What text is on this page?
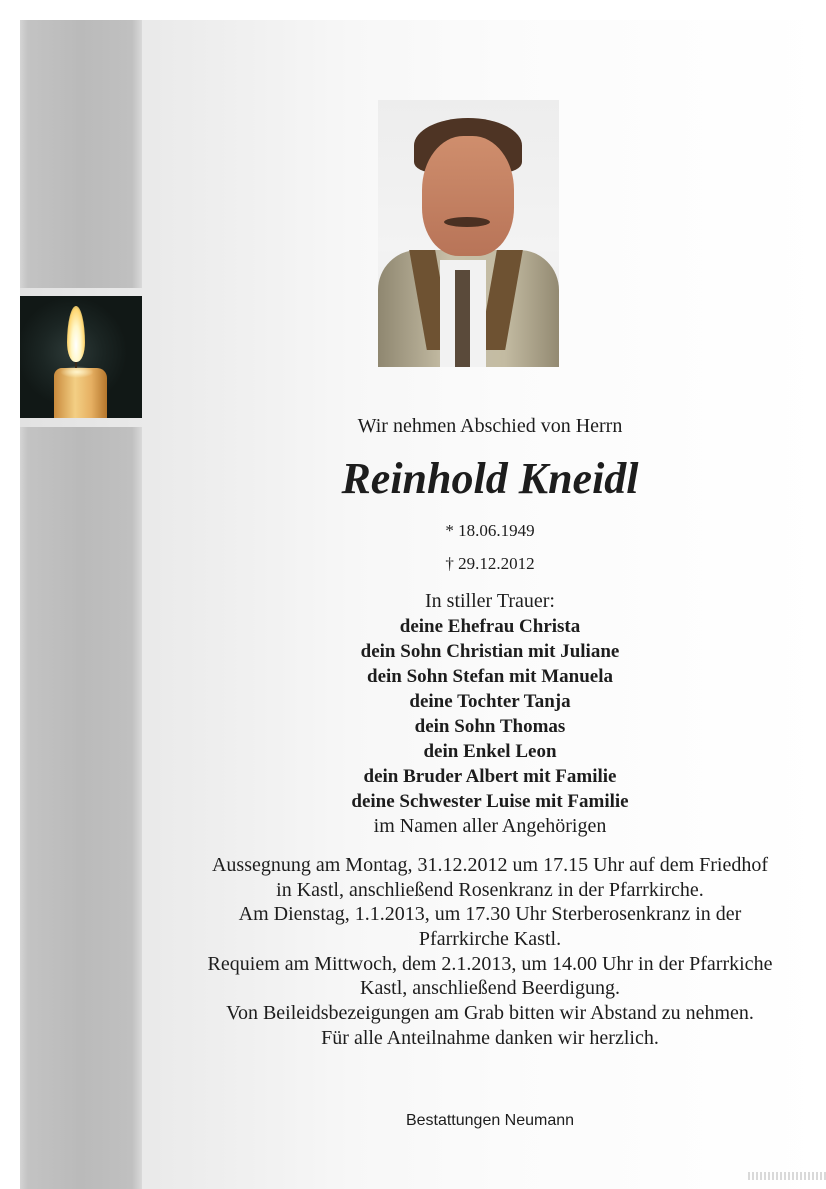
Wir nehmen Abschied von Herrn
Reinhold Kneidl
* 18.06.1949
† 29.12.2012
In stiller Trauer:
deine Ehefrau Christa
dein Sohn Christian mit Juliane
dein Sohn Stefan mit Manuela
deine Tochter Tanja
dein Sohn Thomas
dein Enkel Leon
dein Bruder Albert mit Familie
deine Schwester Luise mit Familie
im Namen aller Angehörigen
Aussegnung am Montag, 31.12.2012 um 17.15 Uhr auf dem Friedhof
in Kastl, anschließend Rosenkranz in der Pfarrkirche.
Am Dienstag, 1.1.2013, um 17.30 Uhr Sterberosenkranz in der
Pfarrkirche Kastl.
Requiem am Mittwoch, dem 2.1.2013, um 14.00 Uhr in der Pfarrkiche
Kastl, anschließend Beerdigung.
Von Beileidsbezeigungen am Grab bitten wir Abstand zu nehmen.
Für alle Anteilnahme danken wir herzlich.
Bestattungen Neumann
